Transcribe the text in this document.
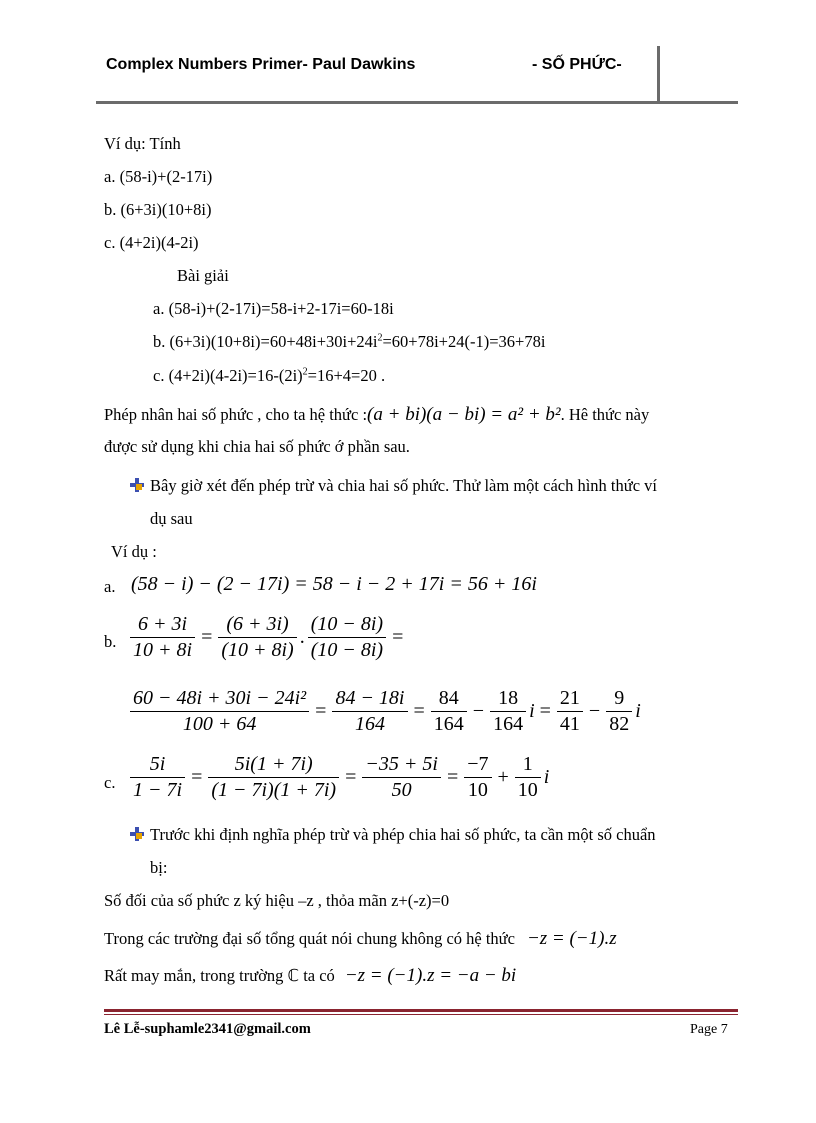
Complex Numbers Primer- Paul Dawkins	- SỐ PHỨC-
Ví dụ: Tính
a. (58-i)+(2-17i)
b. (6+3i)(10+8i)
c. (4+2i)(4-2i)
Bài giải
a. (58-i)+(2-17i)=58-i+2-17i=60-18i
b. $(6+3i)(10+8i)=60+48i+30i+24i^2=60+78i+24(-1)=36+78i$
c. $(4+2i)(4-2i)=16-(2i)^2=16+4=20$ .
Phép nhân hai số phức , cho ta hệ thức :(a + bi)(a − bi) = a² + b². Hê thức này
được sử dụng khi chia hai số phức ớ phần sau.
Bây giờ xét đến phép trừ và chia hai số phức. Thử làm một cách hình thức ví
dụ sau
Ví dụ :
a. (58 − i) − (2 − 17i) = 58 − i − 2 + 17i = 56 + 16i
b. $\frac{6 + 3i}{10 + 8i} = \frac{(6 + 3i)}{(10 + 8i)}$ . $\frac{(10 - 8i)}{(10 - 8i)}$ =
$\frac{\text{60 − 48i + 30i − 24i²}}{100 + 64} = \frac{84 - 18i}{164} = \frac{84}{164} - \frac{18}{164}$ $i = \frac{21}{41} - \frac{9}{82}$ i
c. $\frac{5i}{1 - 7i} = \frac{5i(1 + 7i)}{(1 - 7i)(1 + 7i)} = \frac{-35 + 5i}{50} = \frac{-7}{10} + \frac{1}{10}$ i
Trước khi định nghĩa phép trừ và phép chia hai số phức, ta cần một số chuẩn
bị:
Số đối của số phức z ký hiệu –z , thỏa mãn z+(-z)=0
Trong các trường đại số tổng quát nói chung không có hệ thức −z = (−1).z
Rất may mắn, trong trường ℂ ta có −z = (−1).z = −a − bi
Lê Lễ-suphamle2341@gmail.com	Page 7
